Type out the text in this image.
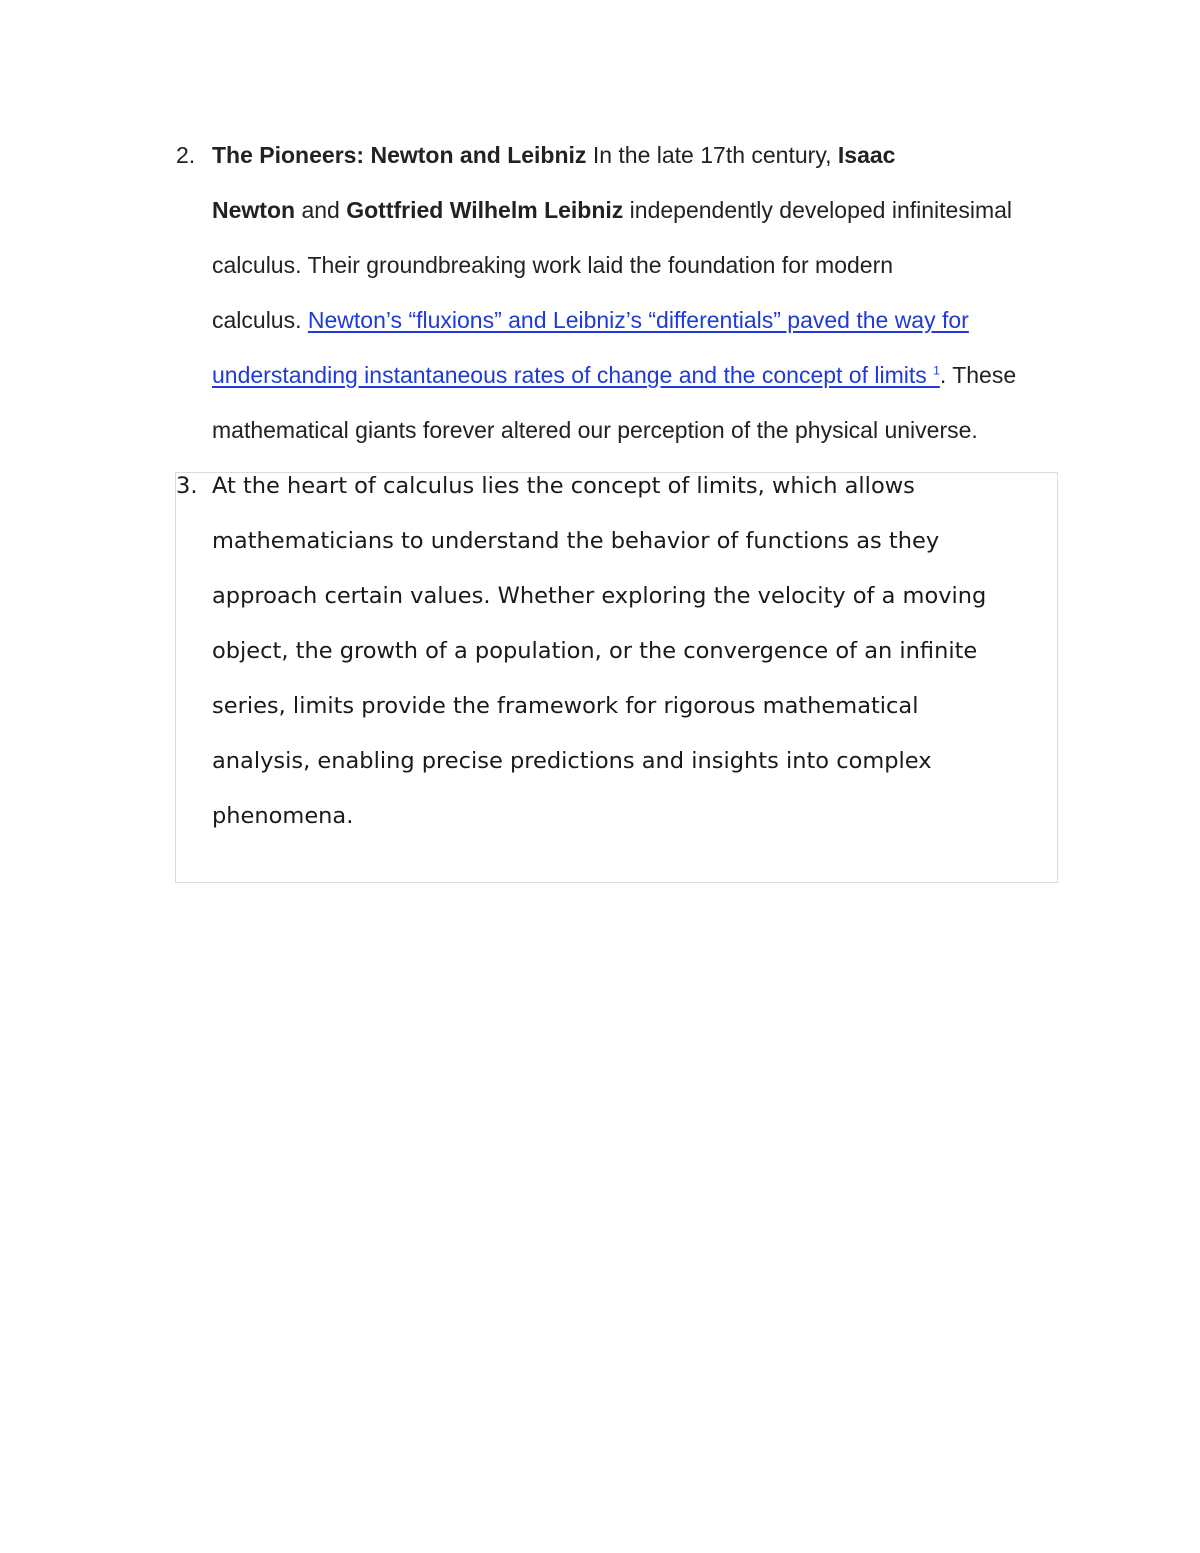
2. The Pioneers: Newton and Leibniz In the late 17th century, Isaac
Newton and Gottfried Wilhelm Leibniz independently developed infinitesimal
calculus. Their groundbreaking work laid the foundation for modern
calculus. Newton’s “fluxions” and Leibniz’s “differentials” paved the way for
understanding instantaneous rates of change and the concept of limits $^1$. These
mathematical giants forever altered our perception of the physical universe.

3. At the heart of calculus lies the concept of limits, which allows
mathematicians to understand the behavior of functions as they
approach certain values. Whether exploring the velocity of a moving
object, the growth of a population, or the convergence of an infinite
series, limits provide the framework for rigorous mathematical
analysis, enabling precise predictions and insights into complex
phenomena.
